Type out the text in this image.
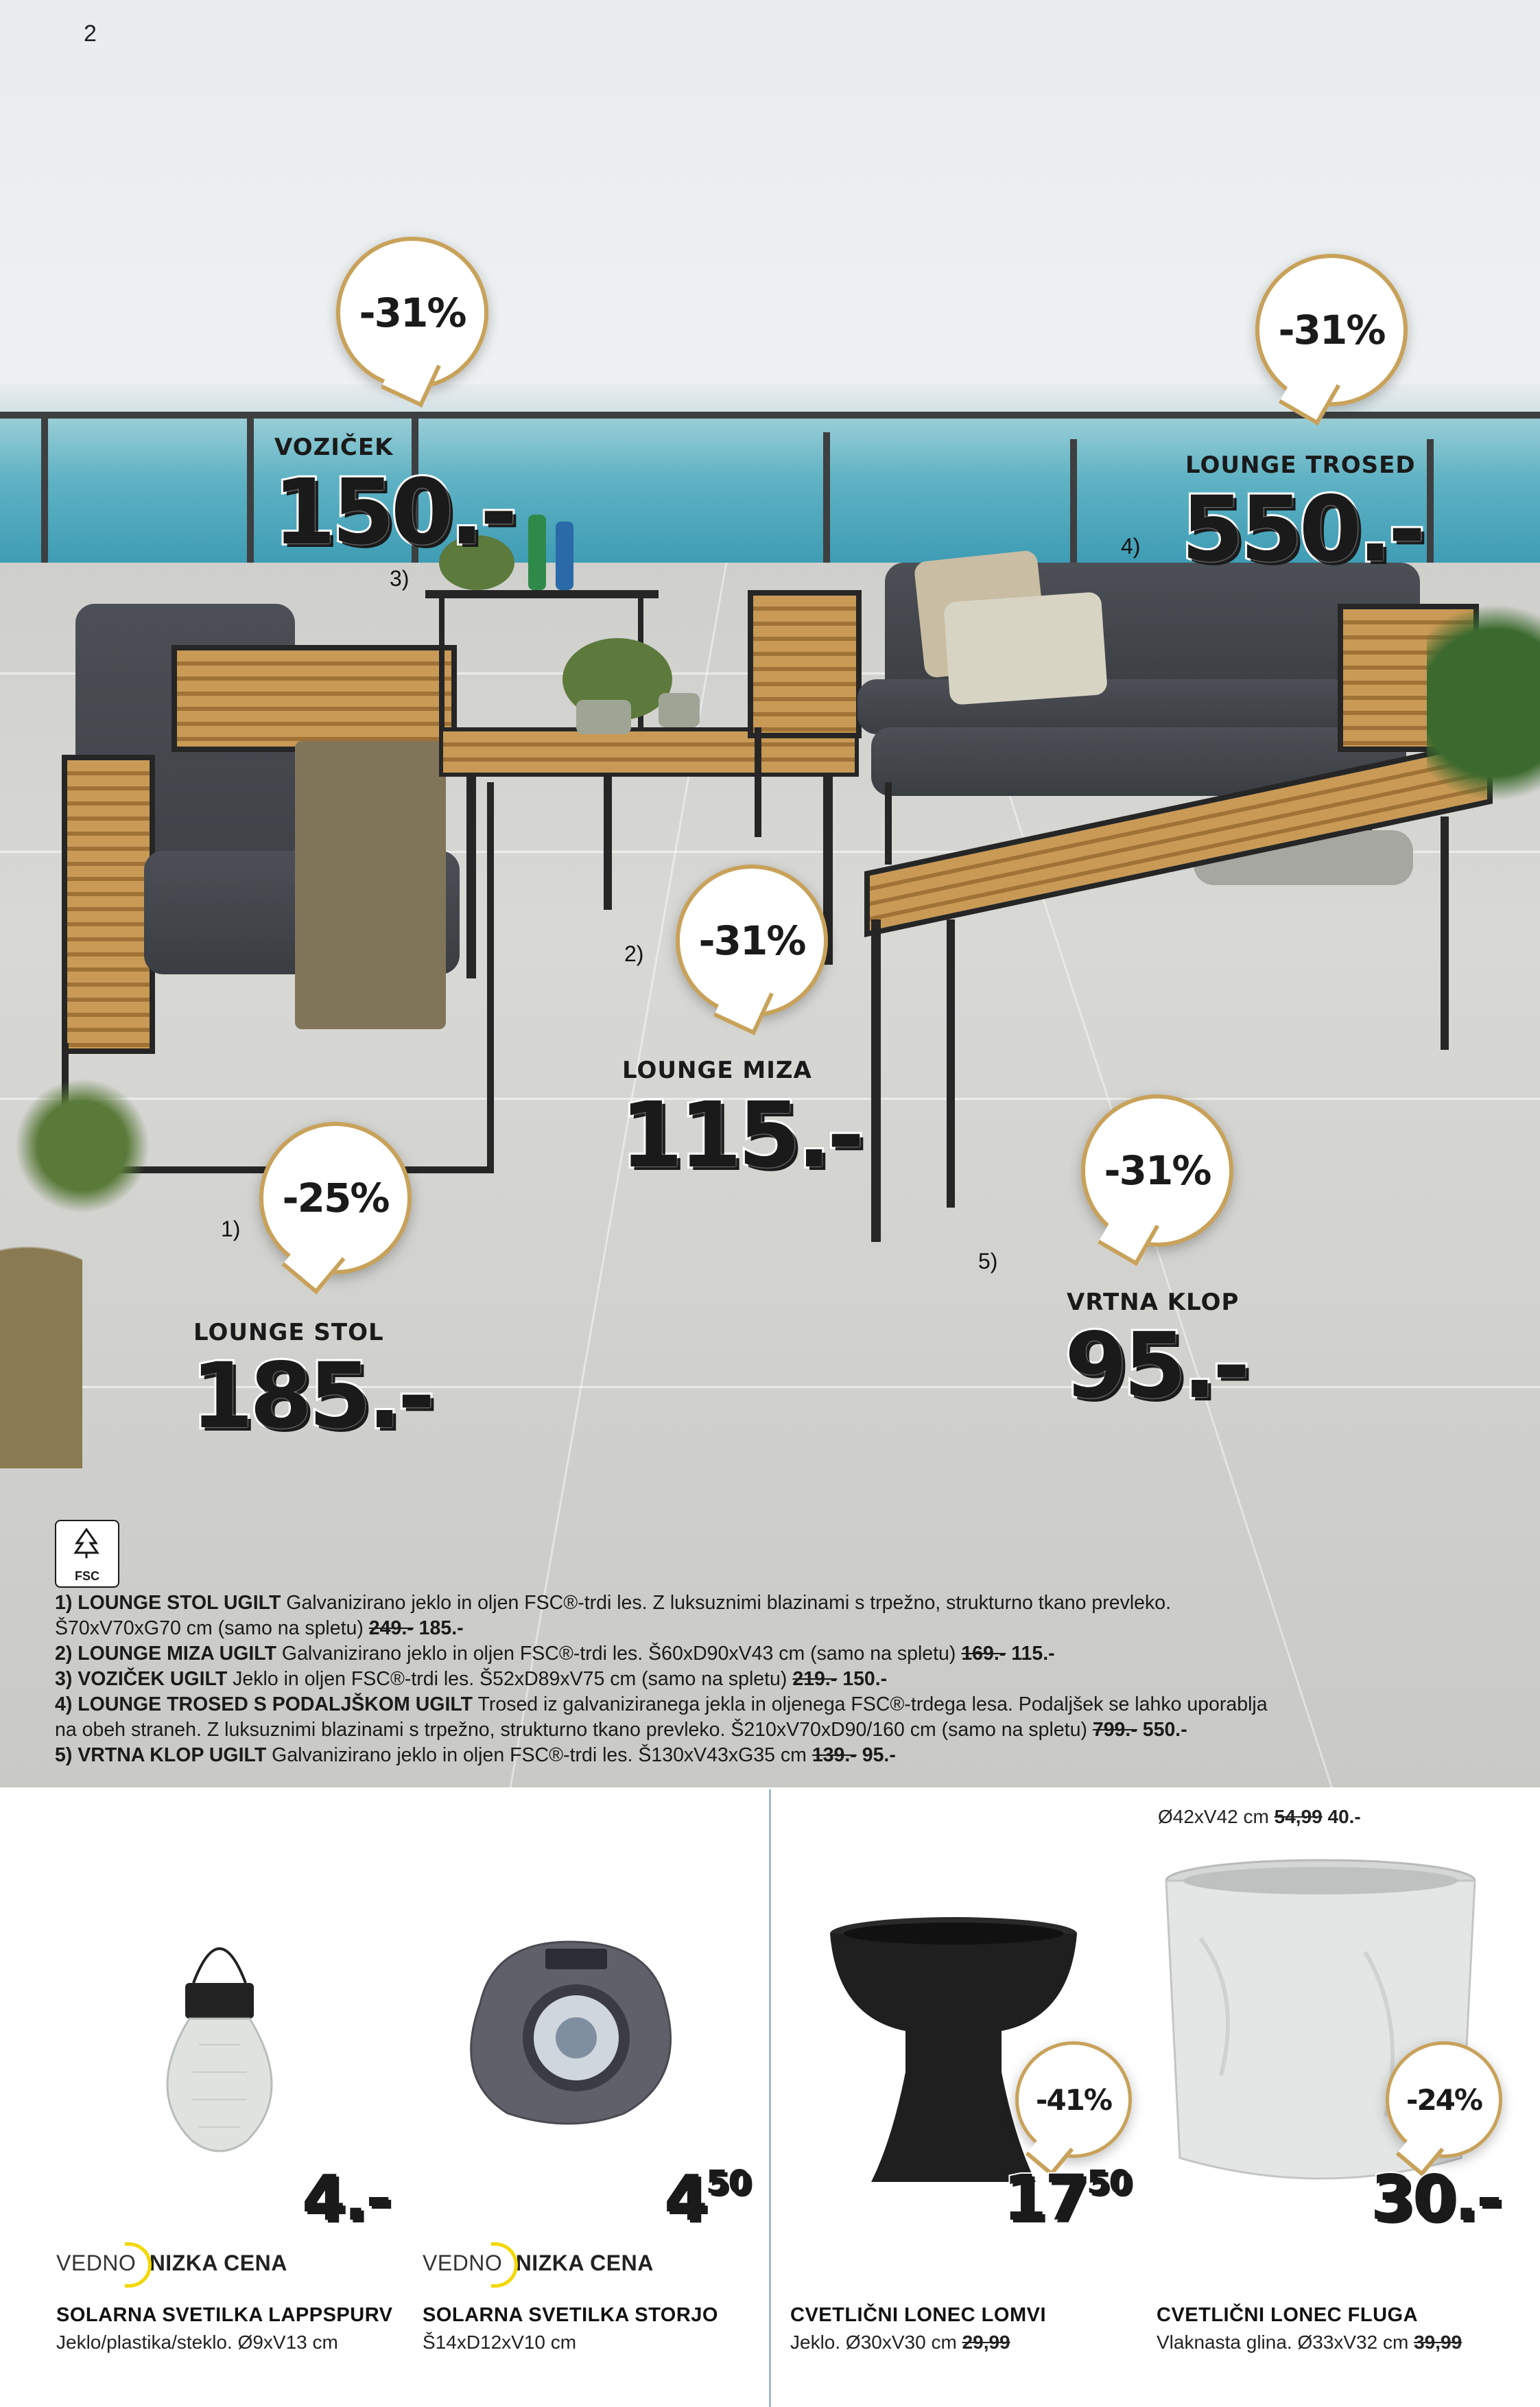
-31%	-31%
-31%
-25%
-31%
VOZIČEK
150.-
3)
LOUNGE TROSED
550.-
4)
2)
LOUNGE MIZA
115.-
1)
LOUNGE STOL
185.-
5)
VRTNA KLOP
95.-
FSC
1) LOUNGE STOL UGILT Galvanizirano jeklo in oljen FSC®-trdi les. Z luksuznimi blazinami s trpežno, strukturno tkano prevleko.
Š70xV70xG70 cm (samo na spletu) 249.- 185.-
2) LOUNGE MIZA UGILT Galvanizirano jeklo in oljen FSC®-trdi les. Š60xD90xV43 cm (samo na spletu) 169.- 115.-
3) VOZIČEK UGILT Jeklo in oljen FSC®-trdi les. Š52xD89xV75 cm (samo na spletu) 219.- 150.-
4) LOUNGE TROSED S PODALJŠKOM UGILT Trosed iz galvaniziranega jekla in oljenega FSC®-trdega lesa. Podaljšek se lahko uporablja
na obeh straneh. Z luksuznimi blazinami s trpežno, strukturno tkano prevleko. Š210xV70xD90/160 cm (samo na spletu) 799.- 550.-
5) VRTNA KLOP UGILT Galvanizirano jeklo in oljen FSC®-trdi les. Š130xV43xG35 cm 139.- 95.-
2
Ø42xV42 cm 54,99 40.-
4.-
VEDNO NIZKA CENA
SOLARNA SVETILKA LAPPSPURV
Jeklo/plastika/steklo. Ø9xV13 cm
$4^{50}$
VEDNO NIZKA CENA
SOLARNA SVETILKA STORJO
Š14xD12xV10 cm
-41%
$17^{50}$
CVETLIČNI LONEC LOMVI
Jeklo. Ø30xV30 cm 29,99
-24%
30.-
CVETLIČNI LONEC FLUGA
Vlaknasta glina. Ø33xV32 cm 39,99
